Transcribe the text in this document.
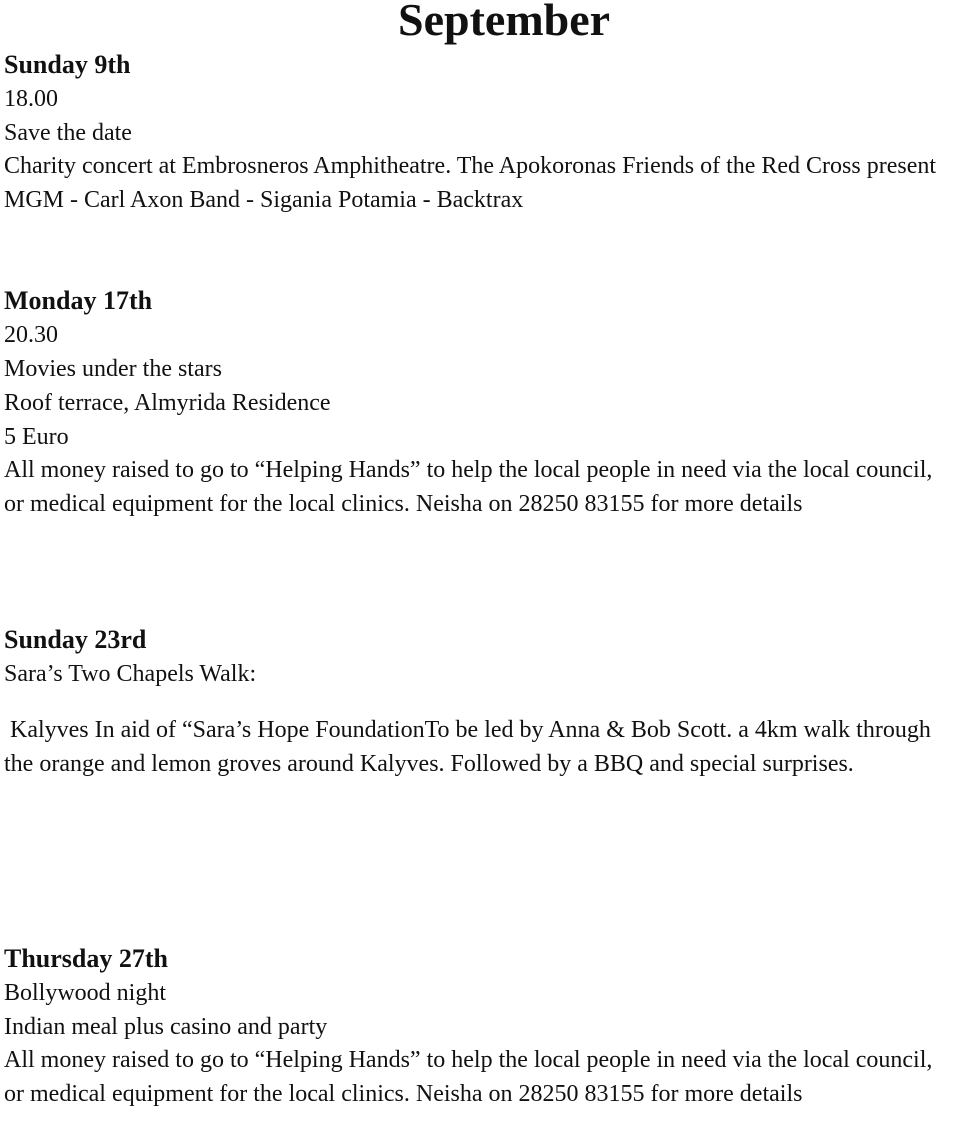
September

Sunday 9th

18.00

Save the date

Charity concert at Embrosneros Amphitheatre. The Apokoronas Friends of the Red Cross present MGM - Carl Axon Band - Sigania Potamia - Backtrax

Monday 17th

20.30

Movies under the stars

Roof terrace, Almyrida Residence

5 Euro

All money raised to go to “Helping Hands” to help the local people in need via the local council, or medical equipment for the local clinics. Neisha on 28250 83155 for more details

Sunday 23rd

Sara’s Two Chapels Walk:

Kalyves In aid of “Sara’s Hope FoundationTo be led by Anna & Bob Scott. a 4km walk through the orange and lemon groves around Kalyves. Followed by a BBQ and special surprises.

Thursday 27th

Bollywood night

Indian meal plus casino and party

All money raised to go to “Helping Hands” to help the local people in need via the local council, or medical equipment for the local clinics. Neisha on 28250 83155 for more details
